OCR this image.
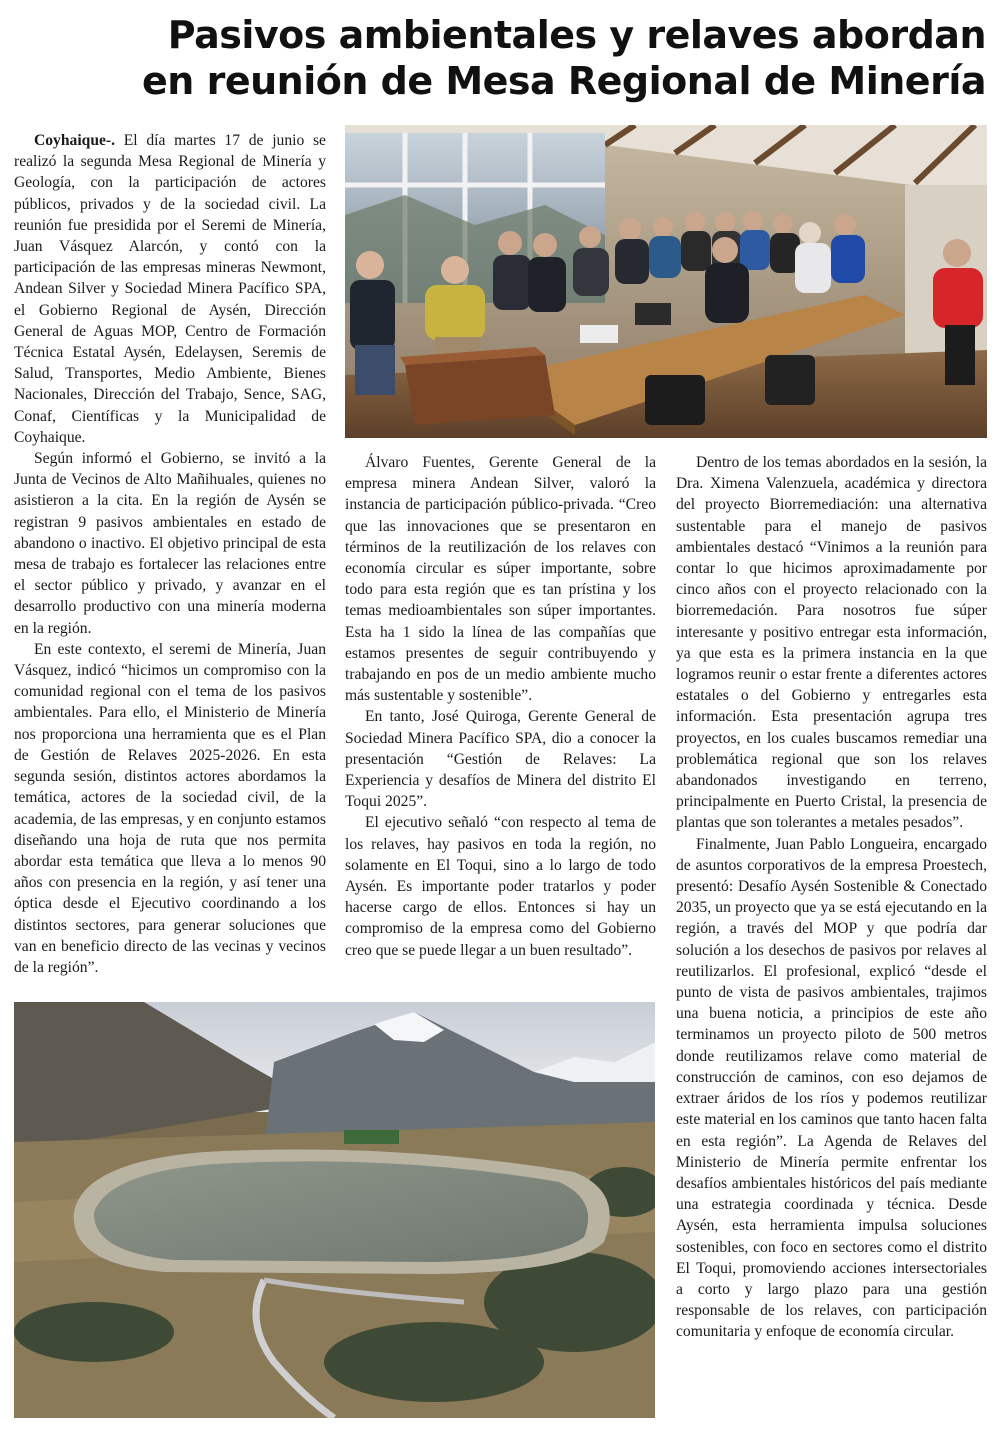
Pasivos ambientales y relaves abordan en reunión de Mesa Regional de Minería

Coyhaique-. El día martes 17 de junio se realizó la segunda Mesa Regional de Minería y Geología, con la participación de actores públicos, privados y de la sociedad civil. La reunión fue presidida por el Seremi de Minería, Juan Vásquez Alarcón, y contó con la participación de las empresas mineras Newmont, Andean Silver y Sociedad Minera Pacífico SPA, el Gobierno Regional de Aysén, Dirección General de Aguas MOP, Centro de Formación Técnica Estatal Aysén, Edelaysen, Seremis de Salud, Transportes, Medio Ambiente, Bienes Nacionales, Dirección del Trabajo, Sence, SAG, Conaf, Científicas y la Municipalidad de Coyhaique.

Según informó el Gobierno, se invitó a la Junta de Vecinos de Alto Mañihuales, quienes no asistieron a la cita. En la región de Aysén se registran 9 pasivos ambientales en estado de abandono o inactivo. El objetivo principal de esta mesa de trabajo es fortalecer las relaciones entre el sector público y privado, y avanzar en el desarrollo productivo con una minería moderna en la región.

En este contexto, el seremi de Minería, Juan Vásquez, indicó “hicimos un compromiso con la comunidad regional con el tema de los pasivos ambientales. Para ello, el Ministerio de Minería nos proporciona una herramienta que es el Plan de Gestión de Relaves 2025-2026. En esta segunda sesión, distintos actores abordamos la temática, actores de la sociedad civil, de la academia, de las empresas, y en conjunto estamos diseñando una hoja de ruta que nos permita abordar esta temática que lleva a lo menos 90 años con presencia en la región, y así tener una óptica desde el Ejecutivo coordinando a los distintos sectores, para generar soluciones que van en beneficio directo de las vecinas y vecinos de la región”.

Álvaro Fuentes, Gerente General de la empresa minera Andean Silver, valoró la instancia de participación público-privada. “Creo que las innovaciones que se presentaron en términos de la reutilización de los relaves con economía circular es súper importante, sobre todo para esta región que es tan prístina y los temas medioambientales son súper importantes. Esta ha 1 sido la línea de las compañías que estamos presentes de seguir contribuyendo y trabajando en pos de un medio ambiente mucho más sustentable y sostenible”.

En tanto, José Quiroga, Gerente General de Sociedad Minera Pacífico SPA, dio a conocer la presentación “Gestión de Relaves: La Experiencia y desafíos de Minera del distrito El Toqui 2025”.

El ejecutivo señaló “con respecto al tema de los relaves, hay pasivos en toda la región, no solamente en El Toqui, sino a lo largo de todo Aysén. Es importante poder tratarlos y poder hacerse cargo de ellos. Entonces si hay un compromiso de la empresa como del Gobierno creo que se puede llegar a un buen resultado”.

Dentro de los temas abordados en la sesión, la Dra. Ximena Valenzuela, académica y directora del proyecto Biorremediación: una alternativa sustentable para el manejo de pasivos ambientales destacó “Vinimos a la reunión para contar lo que hicimos aproximadamente por cinco años con el proyecto relacionado con la biorremedación. Para nosotros fue súper interesante y positivo entregar esta información, ya que esta es la primera instancia en la que logramos reunir o estar frente a diferentes actores estatales o del Gobierno y entregarles esta información. Esta presentación agrupa tres proyectos, en los cuales buscamos remediar una problemática regional que son los relaves abandonados investigando en terreno, principalmente en Puerto Cristal, la presencia de plantas que son tolerantes a metales pesados”.

Finalmente, Juan Pablo Longueira, encargado de asuntos corporativos de la empresa Proestech, presentó: Desafío Aysén Sostenible & Conectado 2035, un proyecto que ya se está ejecutando en la región, a través del MOP y que podría dar solución a los desechos de pasivos por relaves al reutilizarlos. El profesional, explicó “desde el punto de vista de pasivos ambientales, trajimos una buena noticia, a principios de este año terminamos un proyecto piloto de 500 metros donde reutilizamos relave como material de construcción de caminos, con eso dejamos de extraer áridos de los ríos y podemos reutilizar este material en los caminos que tanto hacen falta en esta región”. La Agenda de Relaves del Ministerio de Minería permite enfrentar los desafíos ambientales históricos del país mediante una estrategia coordinada y técnica. Desde Aysén, esta herramienta impulsa soluciones sostenibles, con foco en sectores como el distrito El Toqui, promoviendo acciones intersectoriales a corto y largo plazo para una gestión responsable de los relaves, con participación comunitaria y enfoque de economía circular.
